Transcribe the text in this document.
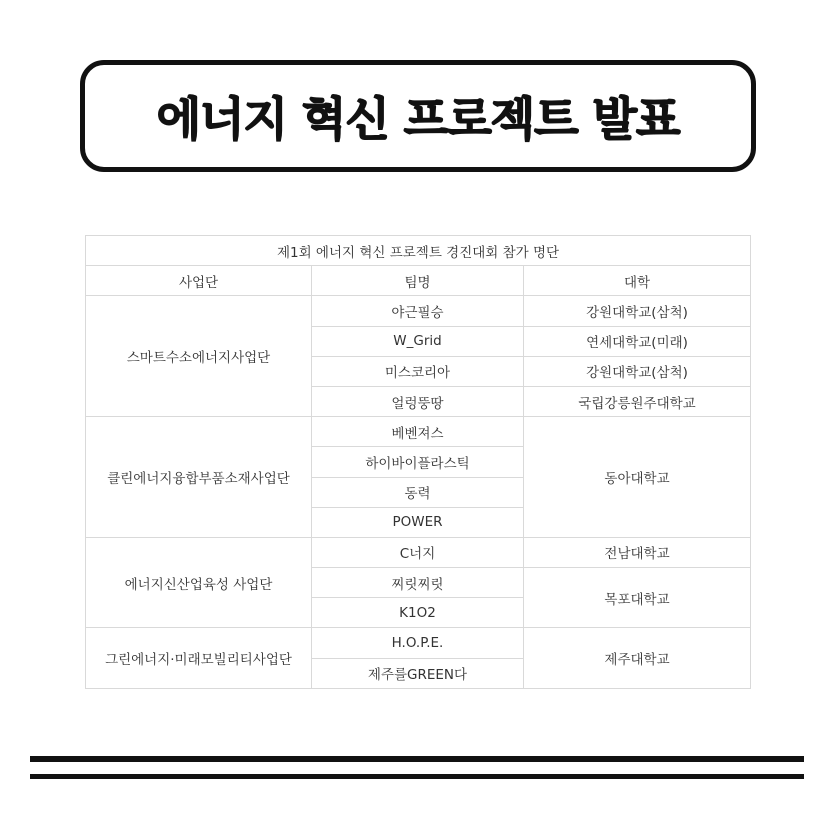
에너지 혁신 프로젝트 발표
제1회 에너지 혁신 프로젝트 경진대회 참가 명단		
사업단	팀명	대학
스마트수소에너지사업단	야근필승	강원대학교(삼척)
	W_Grid	연세대학교(미래)
	미스코리아	강원대학교(삼척)
	얼렁뚱땅	국립강릉원주대학교
클린에너지융합부품소재사업단	베벤져스	동아대학교
	하이바이플라스틱	
	동력	
	POWER	
에너지신산업육성 사업단	C너지	전남대학교
	찌릿찌릿	목포대학교
	K1O2	
그린에너지·미래모빌리티사업단	H.O.P.E.	제주대학교
	제주를GREEN다	
